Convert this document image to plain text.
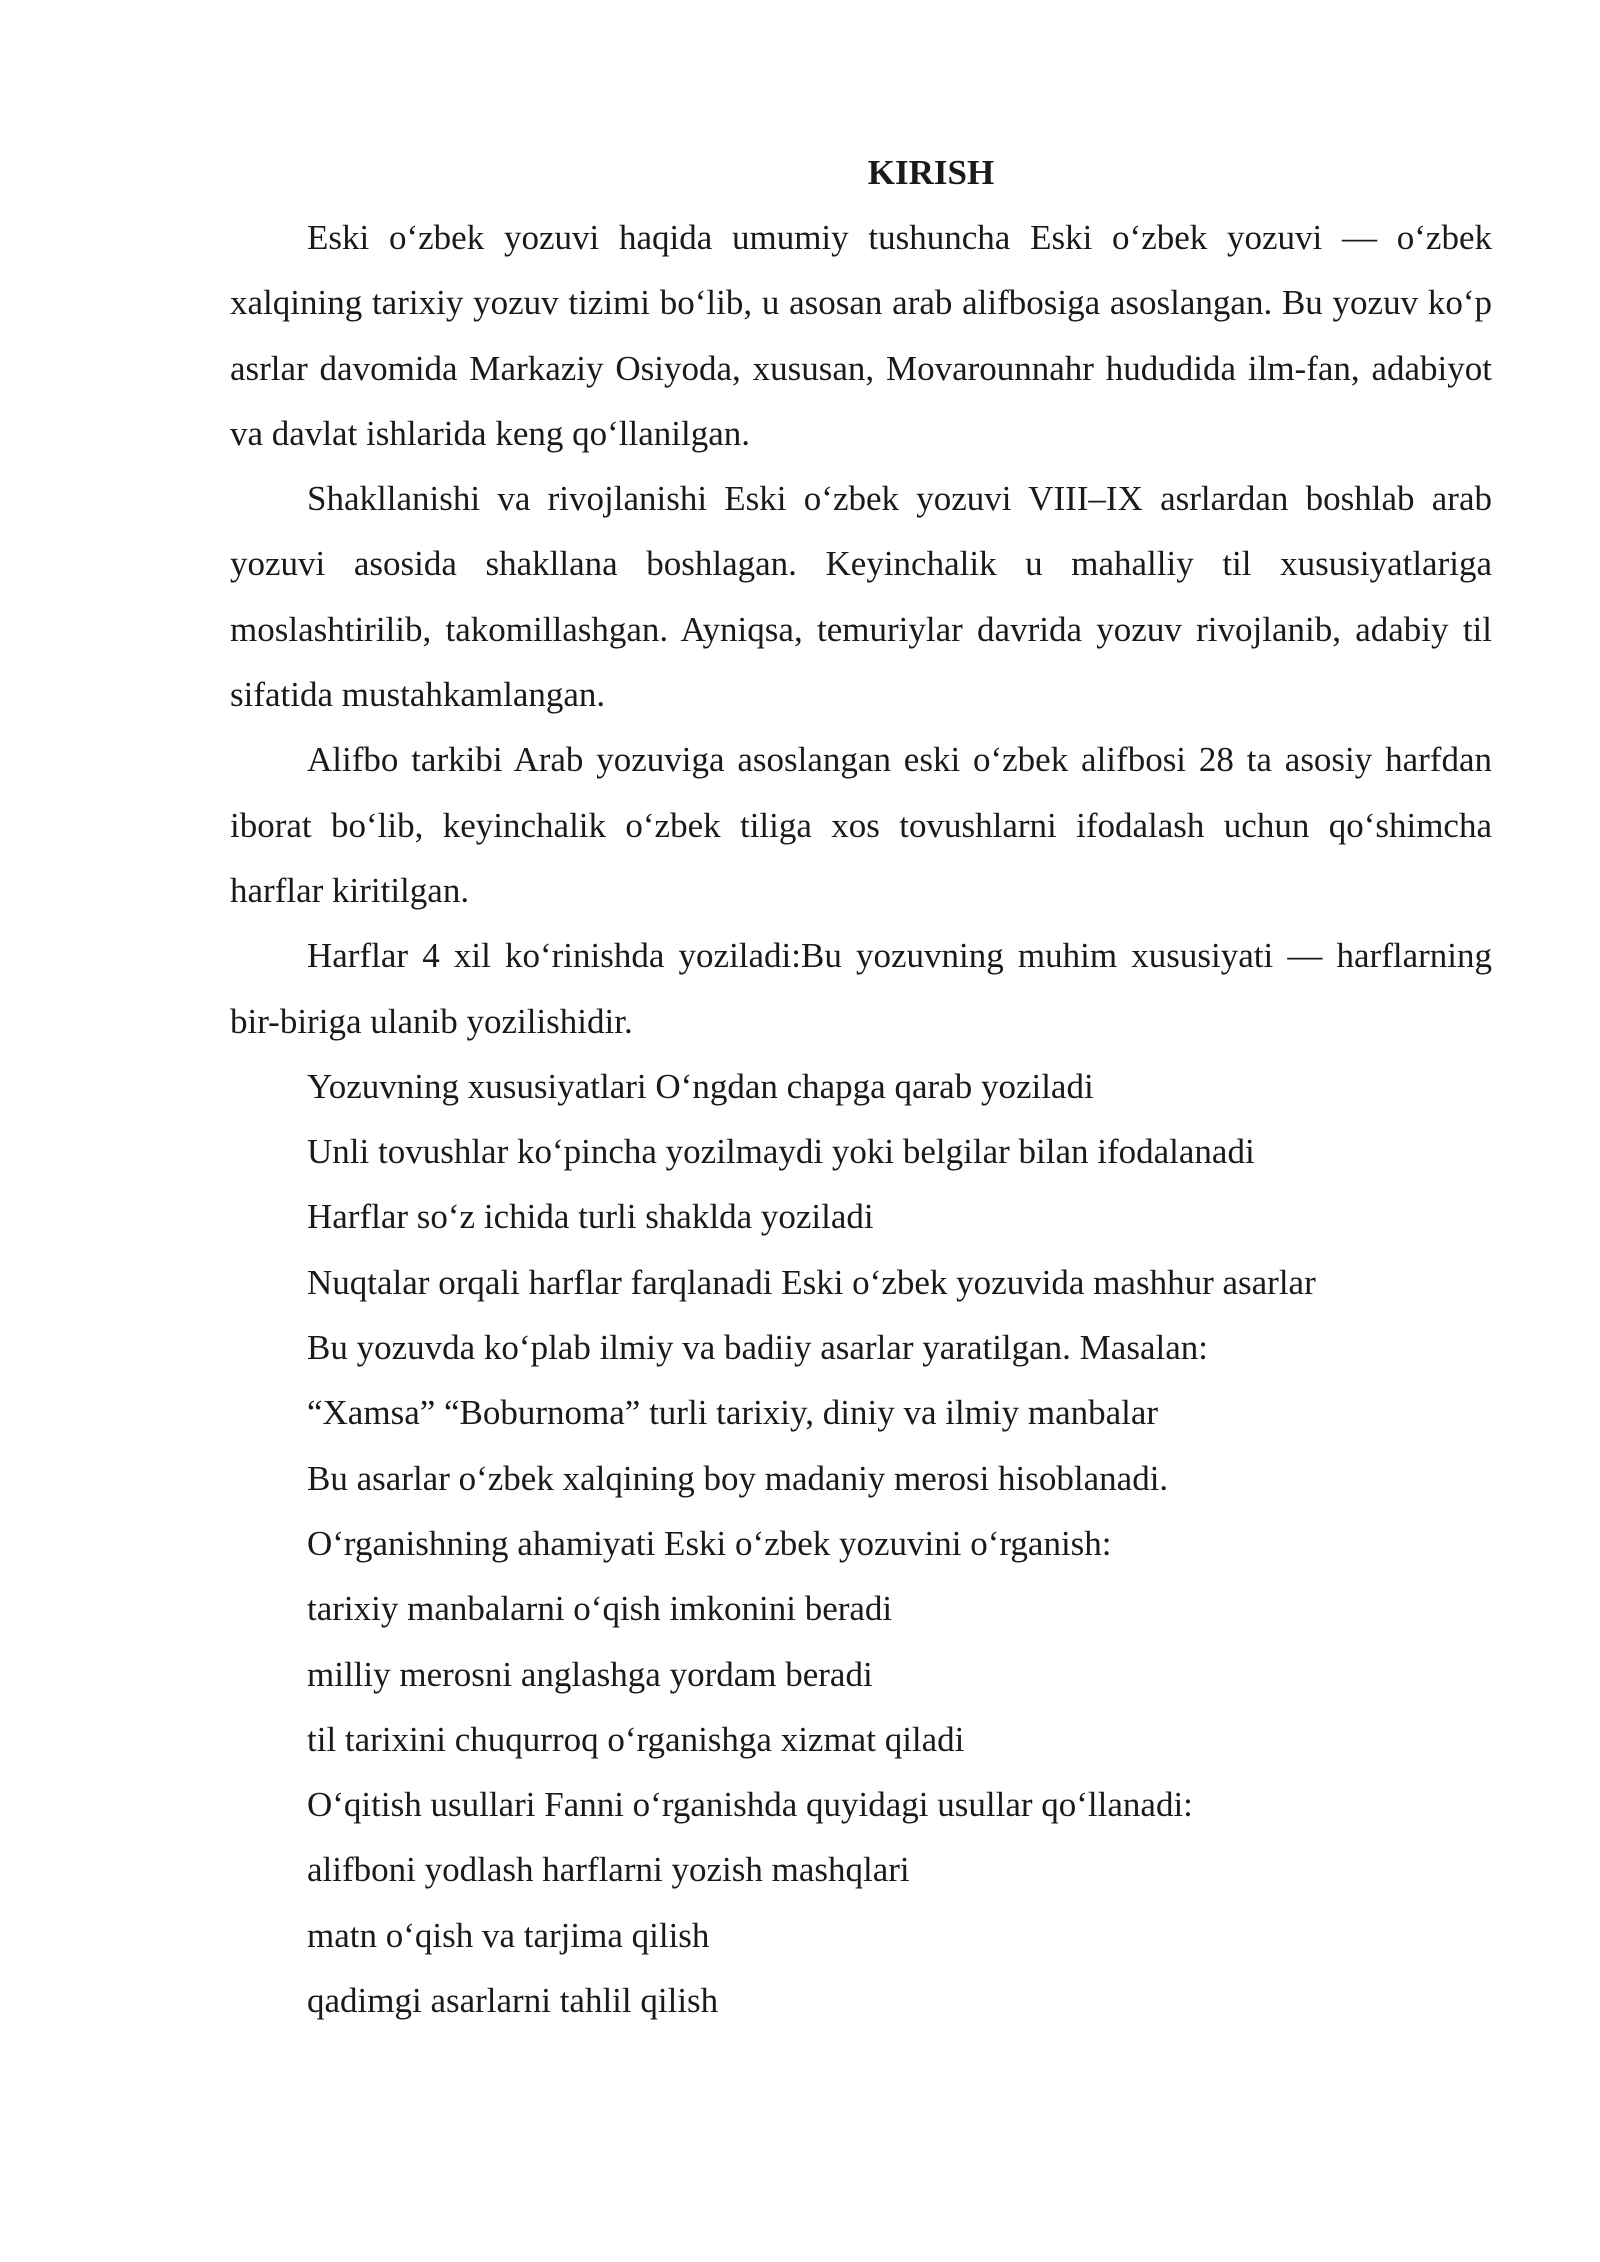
KIRISH

Eski o‘zbek yozuvi haqida umumiy tushuncha Eski o‘zbek yozuvi — o‘zbek xalqining tarixiy yozuv tizimi bo‘lib, u asosan arab alifbosiga asoslangan. Bu yozuv ko‘p asrlar davomida Markaziy Osiyoda, xususan, Movarounnahr hududida ilm-fan, adabiyot va davlat ishlarida keng qo‘llanilgan.

Shakllanishi va rivojlanishi Eski o‘zbek yozuvi VIII–IX asrlardan boshlab arab yozuvi asosida shakllana boshlagan. Keyinchalik u mahalliy til xususiyatlariga moslashtirilib, takomillashgan. Ayniqsa, temuriylar davrida yozuv rivojlanib, adabiy til sifatida mustahkamlangan.

Alifbo tarkibi Arab yozuviga asoslangan eski o‘zbek alifbosi 28 ta asosiy harfdan iborat bo‘lib, keyinchalik o‘zbek tiliga xos tovushlarni ifodalash uchun qo‘shimcha harflar kiritilgan.

Harflar 4 xil ko‘rinishda yoziladi:Bu yozuvning muhim xususiyati — harflarning bir-biriga ulanib yozilishidir.

Yozuvning xususiyatlari O‘ngdan chapga qarab yoziladi

Unli tovushlar ko‘pincha yozilmaydi yoki belgilar bilan ifodalanadi

Harflar so‘z ichida turli shaklda yoziladi

Nuqtalar orqali harflar farqlanadi Eski o‘zbek yozuvida mashhur asarlar

Bu yozuvda ko‘plab ilmiy va badiiy asarlar yaratilgan. Masalan:

“Xamsa” “Boburnoma” turli tarixiy, diniy va ilmiy manbalar

Bu asarlar o‘zbek xalqining boy madaniy merosi hisoblanadi.

O‘rganishning ahamiyati Eski o‘zbek yozuvini o‘rganish:

tarixiy manbalarni o‘qish imkonini beradi

milliy merosni anglashga yordam beradi

til tarixini chuqurroq o‘rganishga xizmat qiladi

O‘qitish usullari Fanni o‘rganishda quyidagi usullar qo‘llanadi:

alifboni yodlash harflarni yozish mashqlari

matn o‘qish va tarjima qilish

qadimgi asarlarni tahlil qilish
